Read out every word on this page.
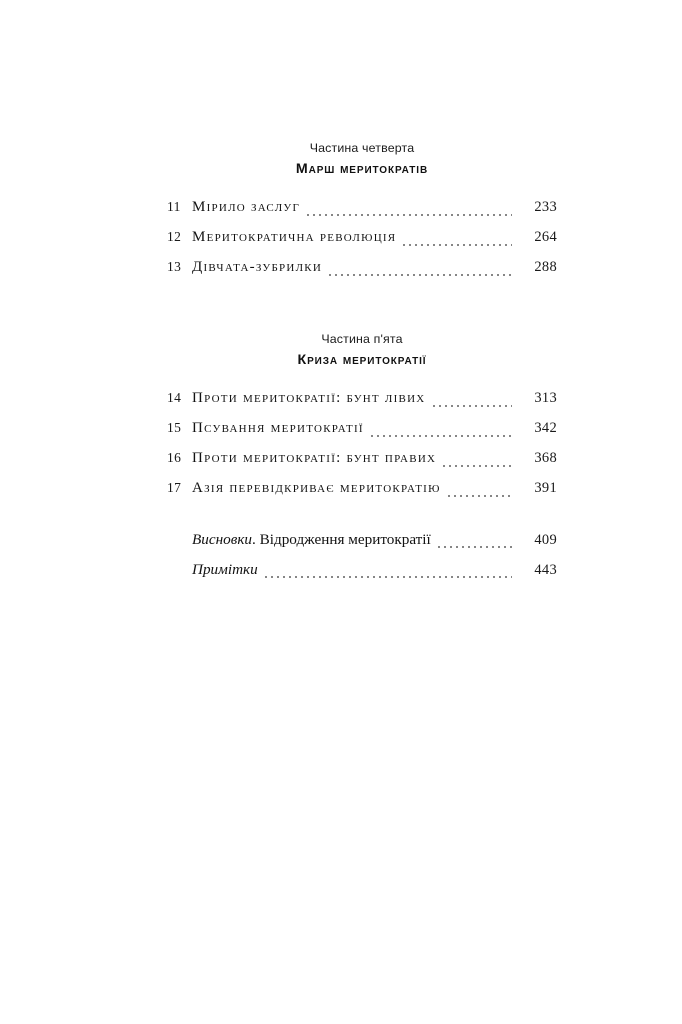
Частина четверта
Марш меритократів
11 мірило заслуг	233
12 меритократична революція	264
13 дівчата-зубрилки	288
Частина п'ята
Криза меритократії
14 проти меритократії: бунт лівих	313
15 псування меритократії	342
16 проти меритократії: бунт правих	368
17 азія перевідкриває меритократію	391
Висновки. Відродження меритократії	409
Примітки	443
